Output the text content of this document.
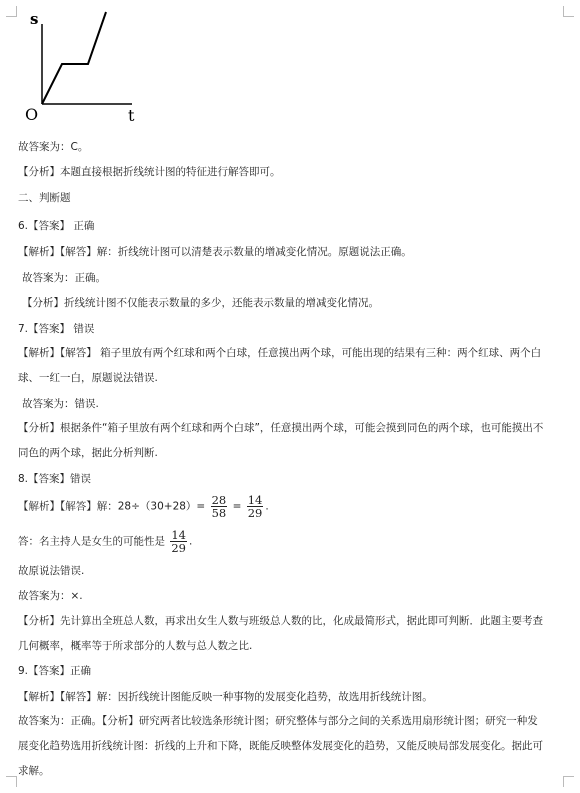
s
O	t
故答案为：C。
【分析】本题直接根据折线统计图的特征进行解答即可。
二、判断题
6.【答案】 正确
【解析】【解答】解：折线统计图可以清楚表示数量的增减变化情况。原题说法正确。
故答案为：正确。
【分析】折线统计图不仅能表示数量的多少，还能表示数量的增减变化情况。
7.【答案】 错误
【解析】【解答】 箱子里放有两个红球和两个白球，任意摸出两个球，可能出现的结果有三种：两个红球、两个白球、一红一白，原题说法错误.
故答案为：错误.
【分析】根据条件“箱子里放有两个红球和两个白球”，任意摸出两个球，可能会摸到同色的两个球，也可能摸出不同色的两个球，据此分析判断.
8.【答案】错误
【解析】【解答】解：$28\div(30+28)= \frac{28}{58} = \frac{14}{29}$ .
答：名主持人是女生的可能性是 $\frac{14}{29}$ .
故原说法错误.
故答案为：×.
【分析】先计算出全班总人数，再求出女生人数与班级总人数的比，化成最简形式，据此即可判断．此题主要考查几何概率，概率等于所求部分的人数与总人数之比.
9.【答案】正确
【解析】【解答】解：因折线统计图能反映一种事物的发展变化趋势，故选用折线统计图。
故答案为：正确。【分析】研究两者比较选条形统计图；研究整体与部分之间的关系选用扇形统计图；研究一种发展变化趋势选用折线统计图：折线的上升和下降，既能反映整体发展变化的趋势，又能反映局部发展变化。据此可求解。
